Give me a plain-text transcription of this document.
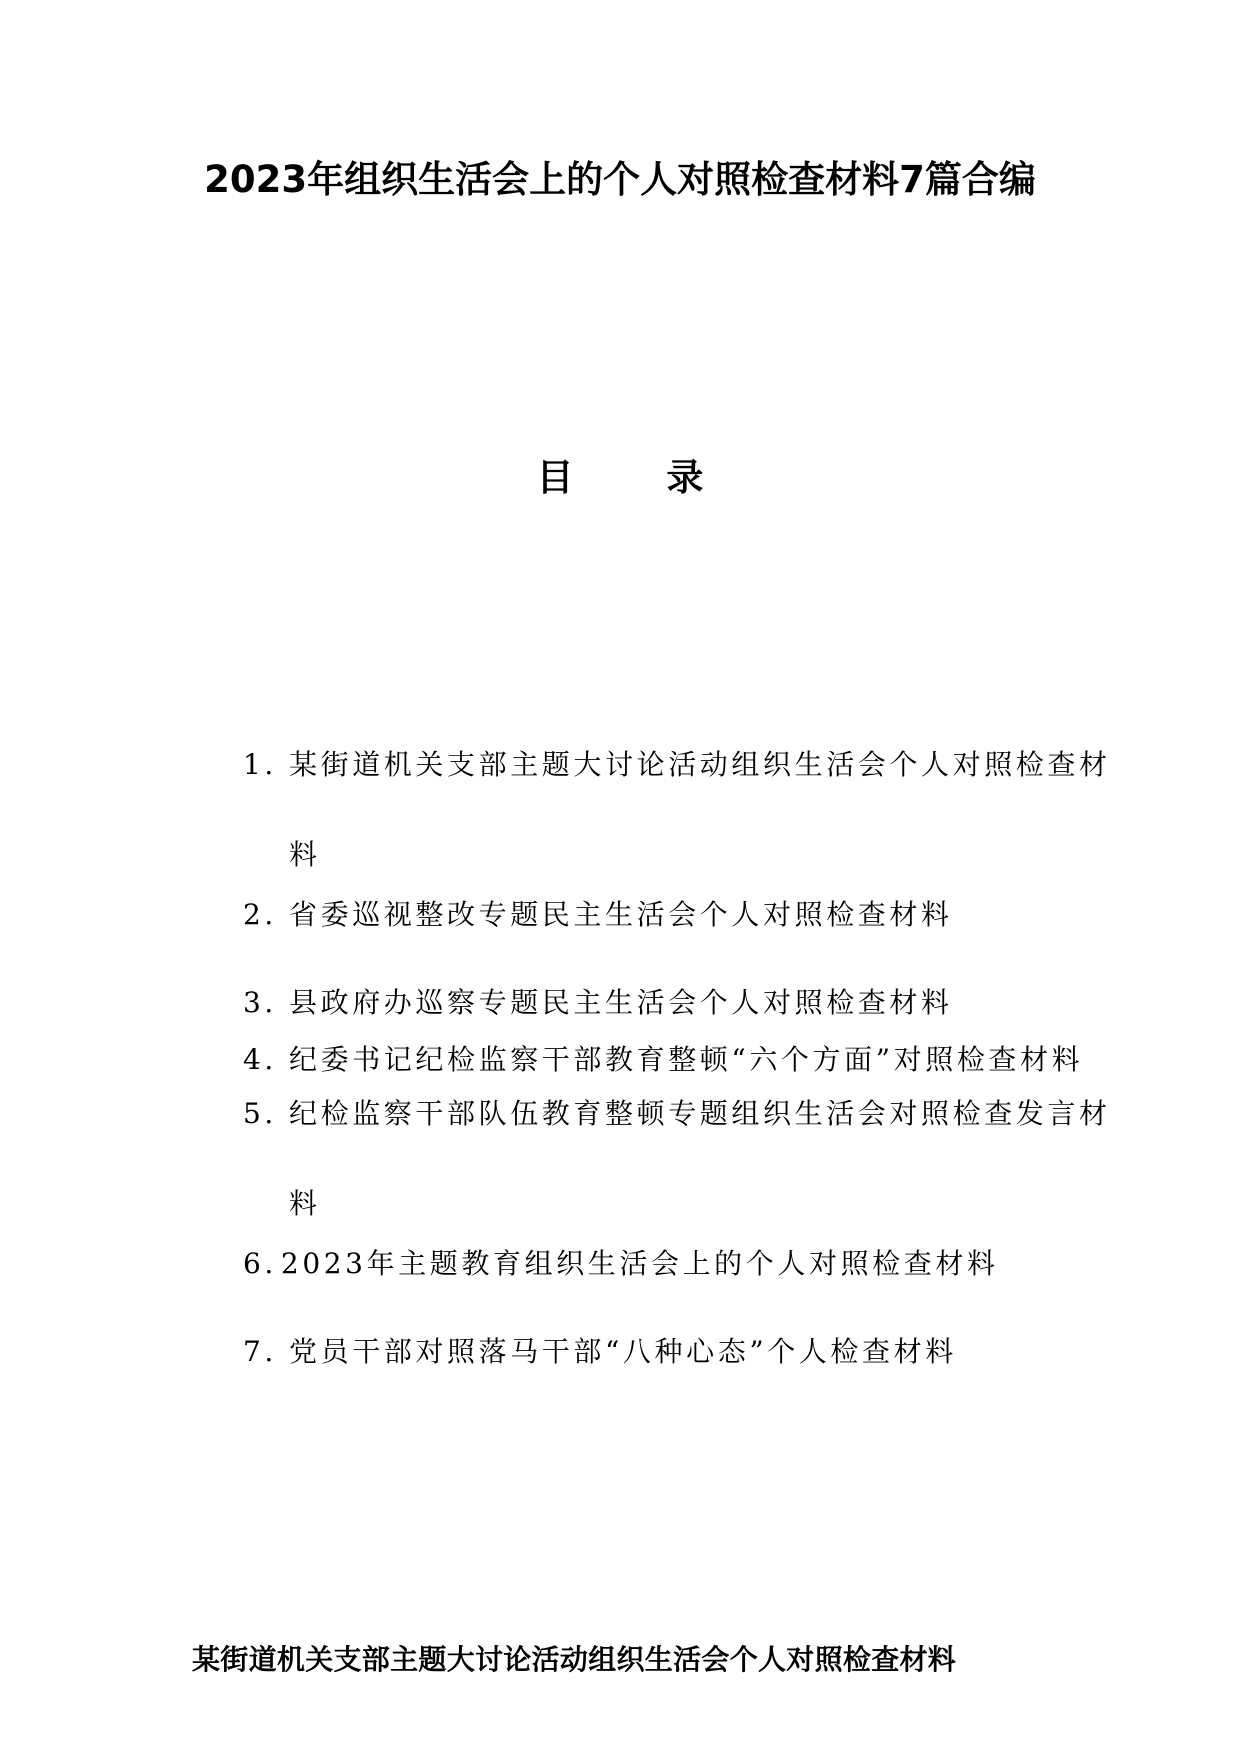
2023年组织生活会上的个人对照检查材料7篇合编
目 录
1. 某街道机关支部主题大讨论活动组织生活会个人对照检查材
料
2. 省委巡视整改专题民主生活会个人对照检查材料
3. 县政府办巡察专题民主生活会个人对照检查材料
4. 纪委书记纪检监察干部教育整顿“六个方面”对照检查材料
5. 纪检监察干部队伍教育整顿专题组织生活会对照检查发言材
料
6. 2023年主题教育组织生活会上的个人对照检查材料
7. 党员干部对照落马干部“八种心态”个人检查材料
某街道机关支部主题大讨论活动组织生活会个人对照检查材料
